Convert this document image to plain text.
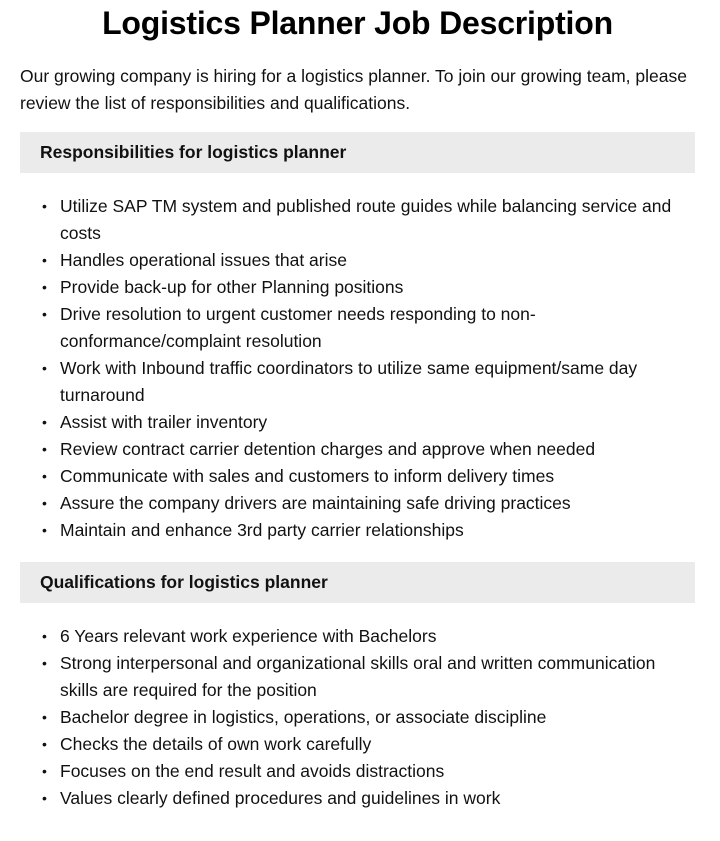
Logistics Planner Job Description

Our growing company is hiring for a logistics planner. To join our growing team, please review the list of responsibilities and qualifications.

Responsibilities for logistics planner
• Utilize SAP TM system and published route guides while balancing service and costs
• Handles operational issues that arise
• Provide back-up for other Planning positions
• Drive resolution to urgent customer needs responding to non-conformance/complaint resolution
• Work with Inbound traffic coordinators to utilize same equipment/same day turnaround
• Assist with trailer inventory
• Review contract carrier detention charges and approve when needed
• Communicate with sales and customers to inform delivery times
• Assure the company drivers are maintaining safe driving practices
• Maintain and enhance 3rd party carrier relationships
Qualifications for logistics planner
• 6 Years relevant work experience with Bachelors
• Strong interpersonal and organizational skills oral and written communication skills are required for the position
• Bachelor degree in logistics, operations, or associate discipline
• Checks the details of own work carefully
• Focuses on the end result and avoids distractions
• Values clearly defined procedures and guidelines in work
